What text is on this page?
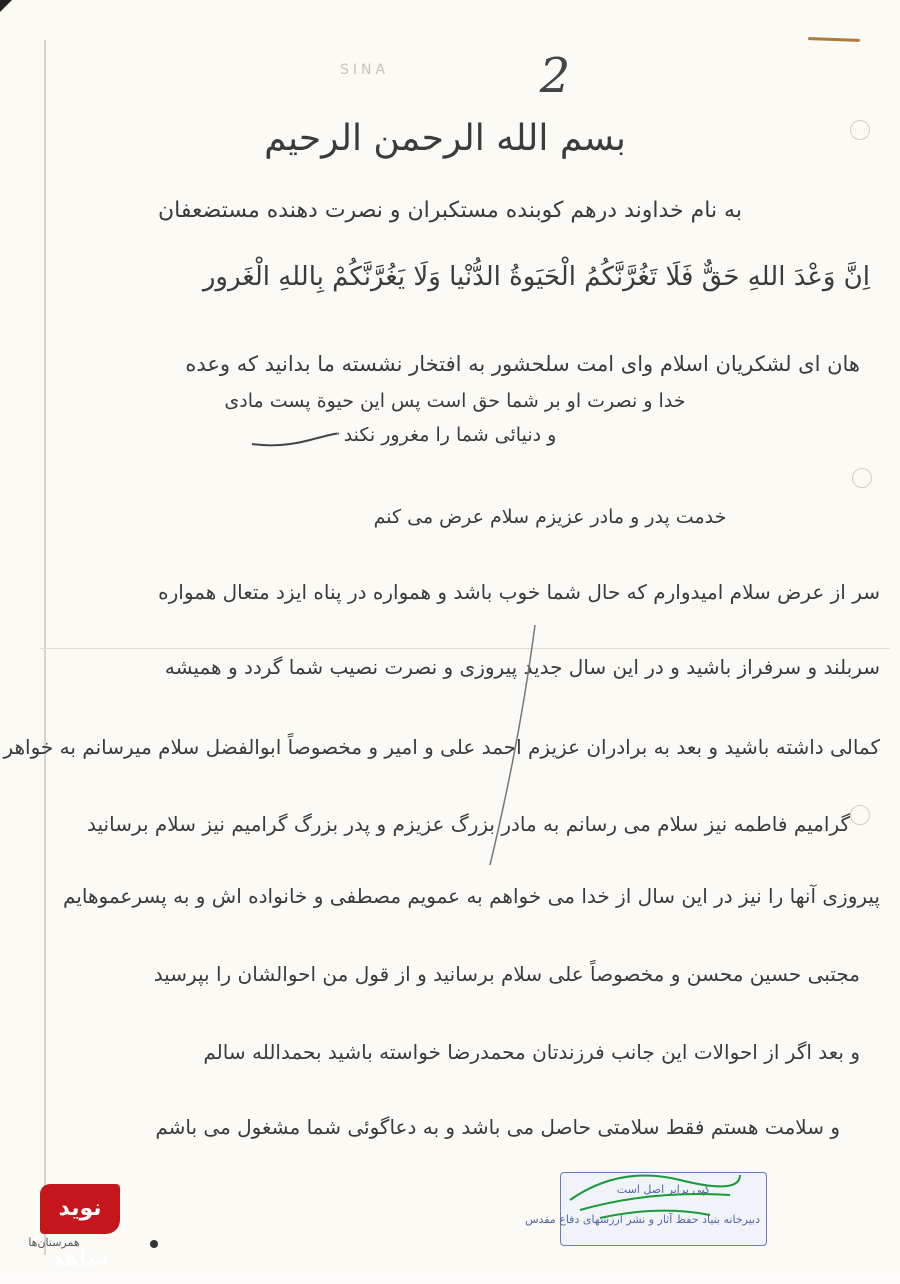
2
SINA
بسم الله الرحمن الرحیم
به نام خداوند درهم کوبنده مستکبران و نصرت دهنده مستضعفان
اِنَّ وَعْدَ اللهِ حَقٌّ فَلَا تَغُرَّنَّکُمُ الْحَیَوةُ الدُّنْیا وَلَا یَغُرَّنَّکُمْ بِاللهِ الْغَرور
هان ای لشکریان اسلام وای امت سلحشور به افتخار نشسته ما بدانید که وعده
خدا و نصرت او بر شما حق است پس این حیوة پست مادی
و دنیائی شما را مغرور نکند
خدمت پدر و مادر عزیزم سلام عرض می کنم
سر از عرض سلام امیدوارم که حال شما خوب باشد و همواره در پناه ایزد متعال همواره
سربلند و سرفراز باشید و در این سال جدید پیروزی و نصرت نصیب شما گردد و همیشه
کمالی داشته باشید و بعد به برادران عزیزم احمد علی و امیر و مخصوصاً ابوالفضل سلام میرسانم به خواهر
گرامیم فاطمه نیز سلام می رسانم به مادر بزرگ عزیزم و پدر بزرگ گرامیم نیز سلام برسانید
پیروزی آنها را نیز در این سال از خدا می خواهم به عمویم مصطفی و خانواده اش و به پسرعموهایم
مجتبی حسین محسن و مخصوصاً علی سلام برسانید و از قول من احوالشان را بپرسید
و بعد اگر از احوالات این جانب فرزندتان محمدرضا خواسته باشید بحمدالله سالم
و سلامت هستم فقط سلامتی حاصل می باشد و به دعاگوئی شما مشغول می باشم
کپی برابر اصل است
دبیرخانه بنیاد حفظ آثار و نشر ارزشهای دفاع مقدس
نوید شاهد
همرستان‌ها
